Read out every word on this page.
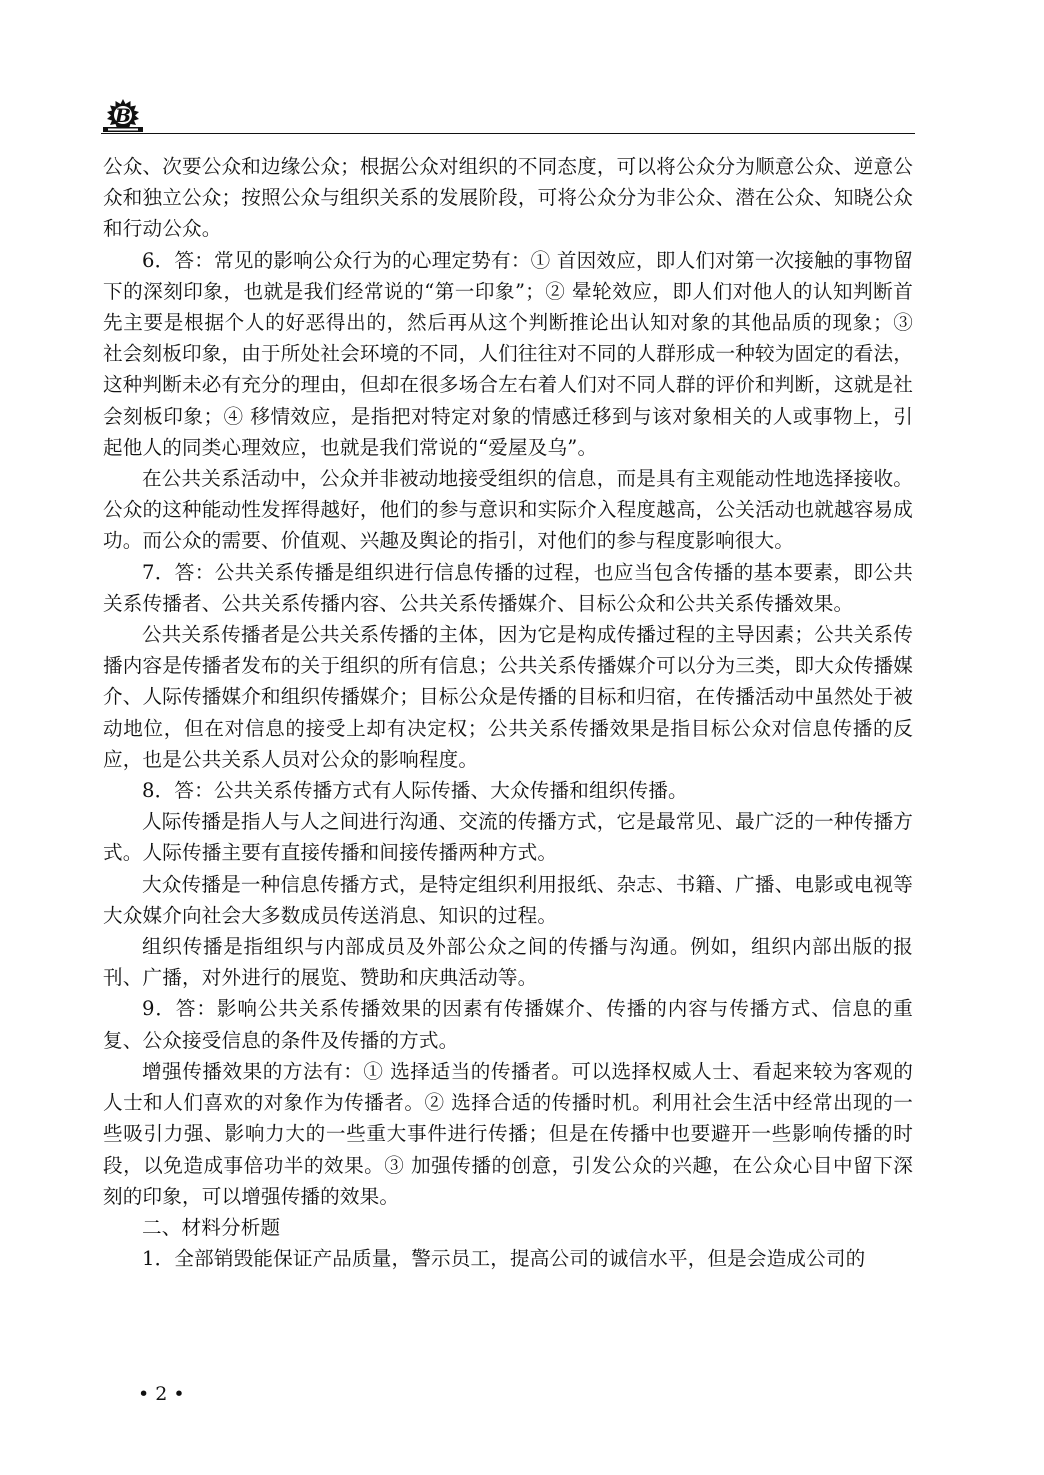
B

公众、次要公众和边缘公众；根据公众对组织的不同态度，可以将公众分为顺意公众、逆意公众和独立公众；按照公众与组织关系的发展阶段，可将公众分为非公众、潜在公众、知晓公众和行动公众。

6．答：常见的影响公众行为的心理定势有：① 首因效应，即人们对第一次接触的事物留下的深刻印象，也就是我们经常说的“第一印象”；② 晕轮效应，即人们对他人的认知判断首先主要是根据个人的好恶得出的，然后再从这个判断推论出认知对象的其他品质的现象；③ 社会刻板印象，由于所处社会环境的不同，人们往往对不同的人群形成一种较为固定的看法，这种判断未必有充分的理由，但却在很多场合左右着人们对不同人群的评价和判断，这就是社会刻板印象；④ 移情效应，是指把对特定对象的情感迁移到与该对象相关的人或事物上，引起他人的同类心理效应，也就是我们常说的“爱屋及乌”。

在公共关系活动中，公众并非被动地接受组织的信息，而是具有主观能动性地选择接收。公众的这种能动性发挥得越好，他们的参与意识和实际介入程度越高，公关活动也就越容易成功。而公众的需要、价值观、兴趣及舆论的指引，对他们的参与程度影响很大。

7．答：公共关系传播是组织进行信息传播的过程，也应当包含传播的基本要素，即公共关系传播者、公共关系传播内容、公共关系传播媒介、目标公众和公共关系传播效果。

公共关系传播者是公共关系传播的主体，因为它是构成传播过程的主导因素；公共关系传播内容是传播者发布的关于组织的所有信息；公共关系传播媒介可以分为三类，即大众传播媒介、人际传播媒介和组织传播媒介；目标公众是传播的目标和归宿，在传播活动中虽然处于被动地位，但在对信息的接受上却有决定权；公共关系传播效果是指目标公众对信息传播的反应，也是公共关系人员对公众的影响程度。

8．答：公共关系传播方式有人际传播、大众传播和组织传播。

人际传播是指人与人之间进行沟通、交流的传播方式，它是最常见、最广泛的一种传播方式。人际传播主要有直接传播和间接传播两种方式。

大众传播是一种信息传播方式，是特定组织利用报纸、杂志、书籍、广播、电影或电视等大众媒介向社会大多数成员传送消息、知识的过程。

组织传播是指组织与内部成员及外部公众之间的传播与沟通。例如，组织内部出版的报刊、广播，对外进行的展览、赞助和庆典活动等。

9．答：影响公共关系传播效果的因素有传播媒介、传播的内容与传播方式、信息的重复、公众接受信息的条件及传播的方式。

增强传播效果的方法有：① 选择适当的传播者。可以选择权威人士、看起来较为客观的人士和人们喜欢的对象作为传播者。② 选择合适的传播时机。利用社会生活中经常出现的一些吸引力强、影响力大的一些重大事件进行传播；但是在传播中也要避开一些影响传播的时段，以免造成事倍功半的效果。③ 加强传播的创意，引发公众的兴趣，在公众心目中留下深刻的印象，可以增强传播的效果。

二、材料分析题

1．全部销毁能保证产品质量，警示员工，提高公司的诚信水平，但是会造成公司的

• 2 •
